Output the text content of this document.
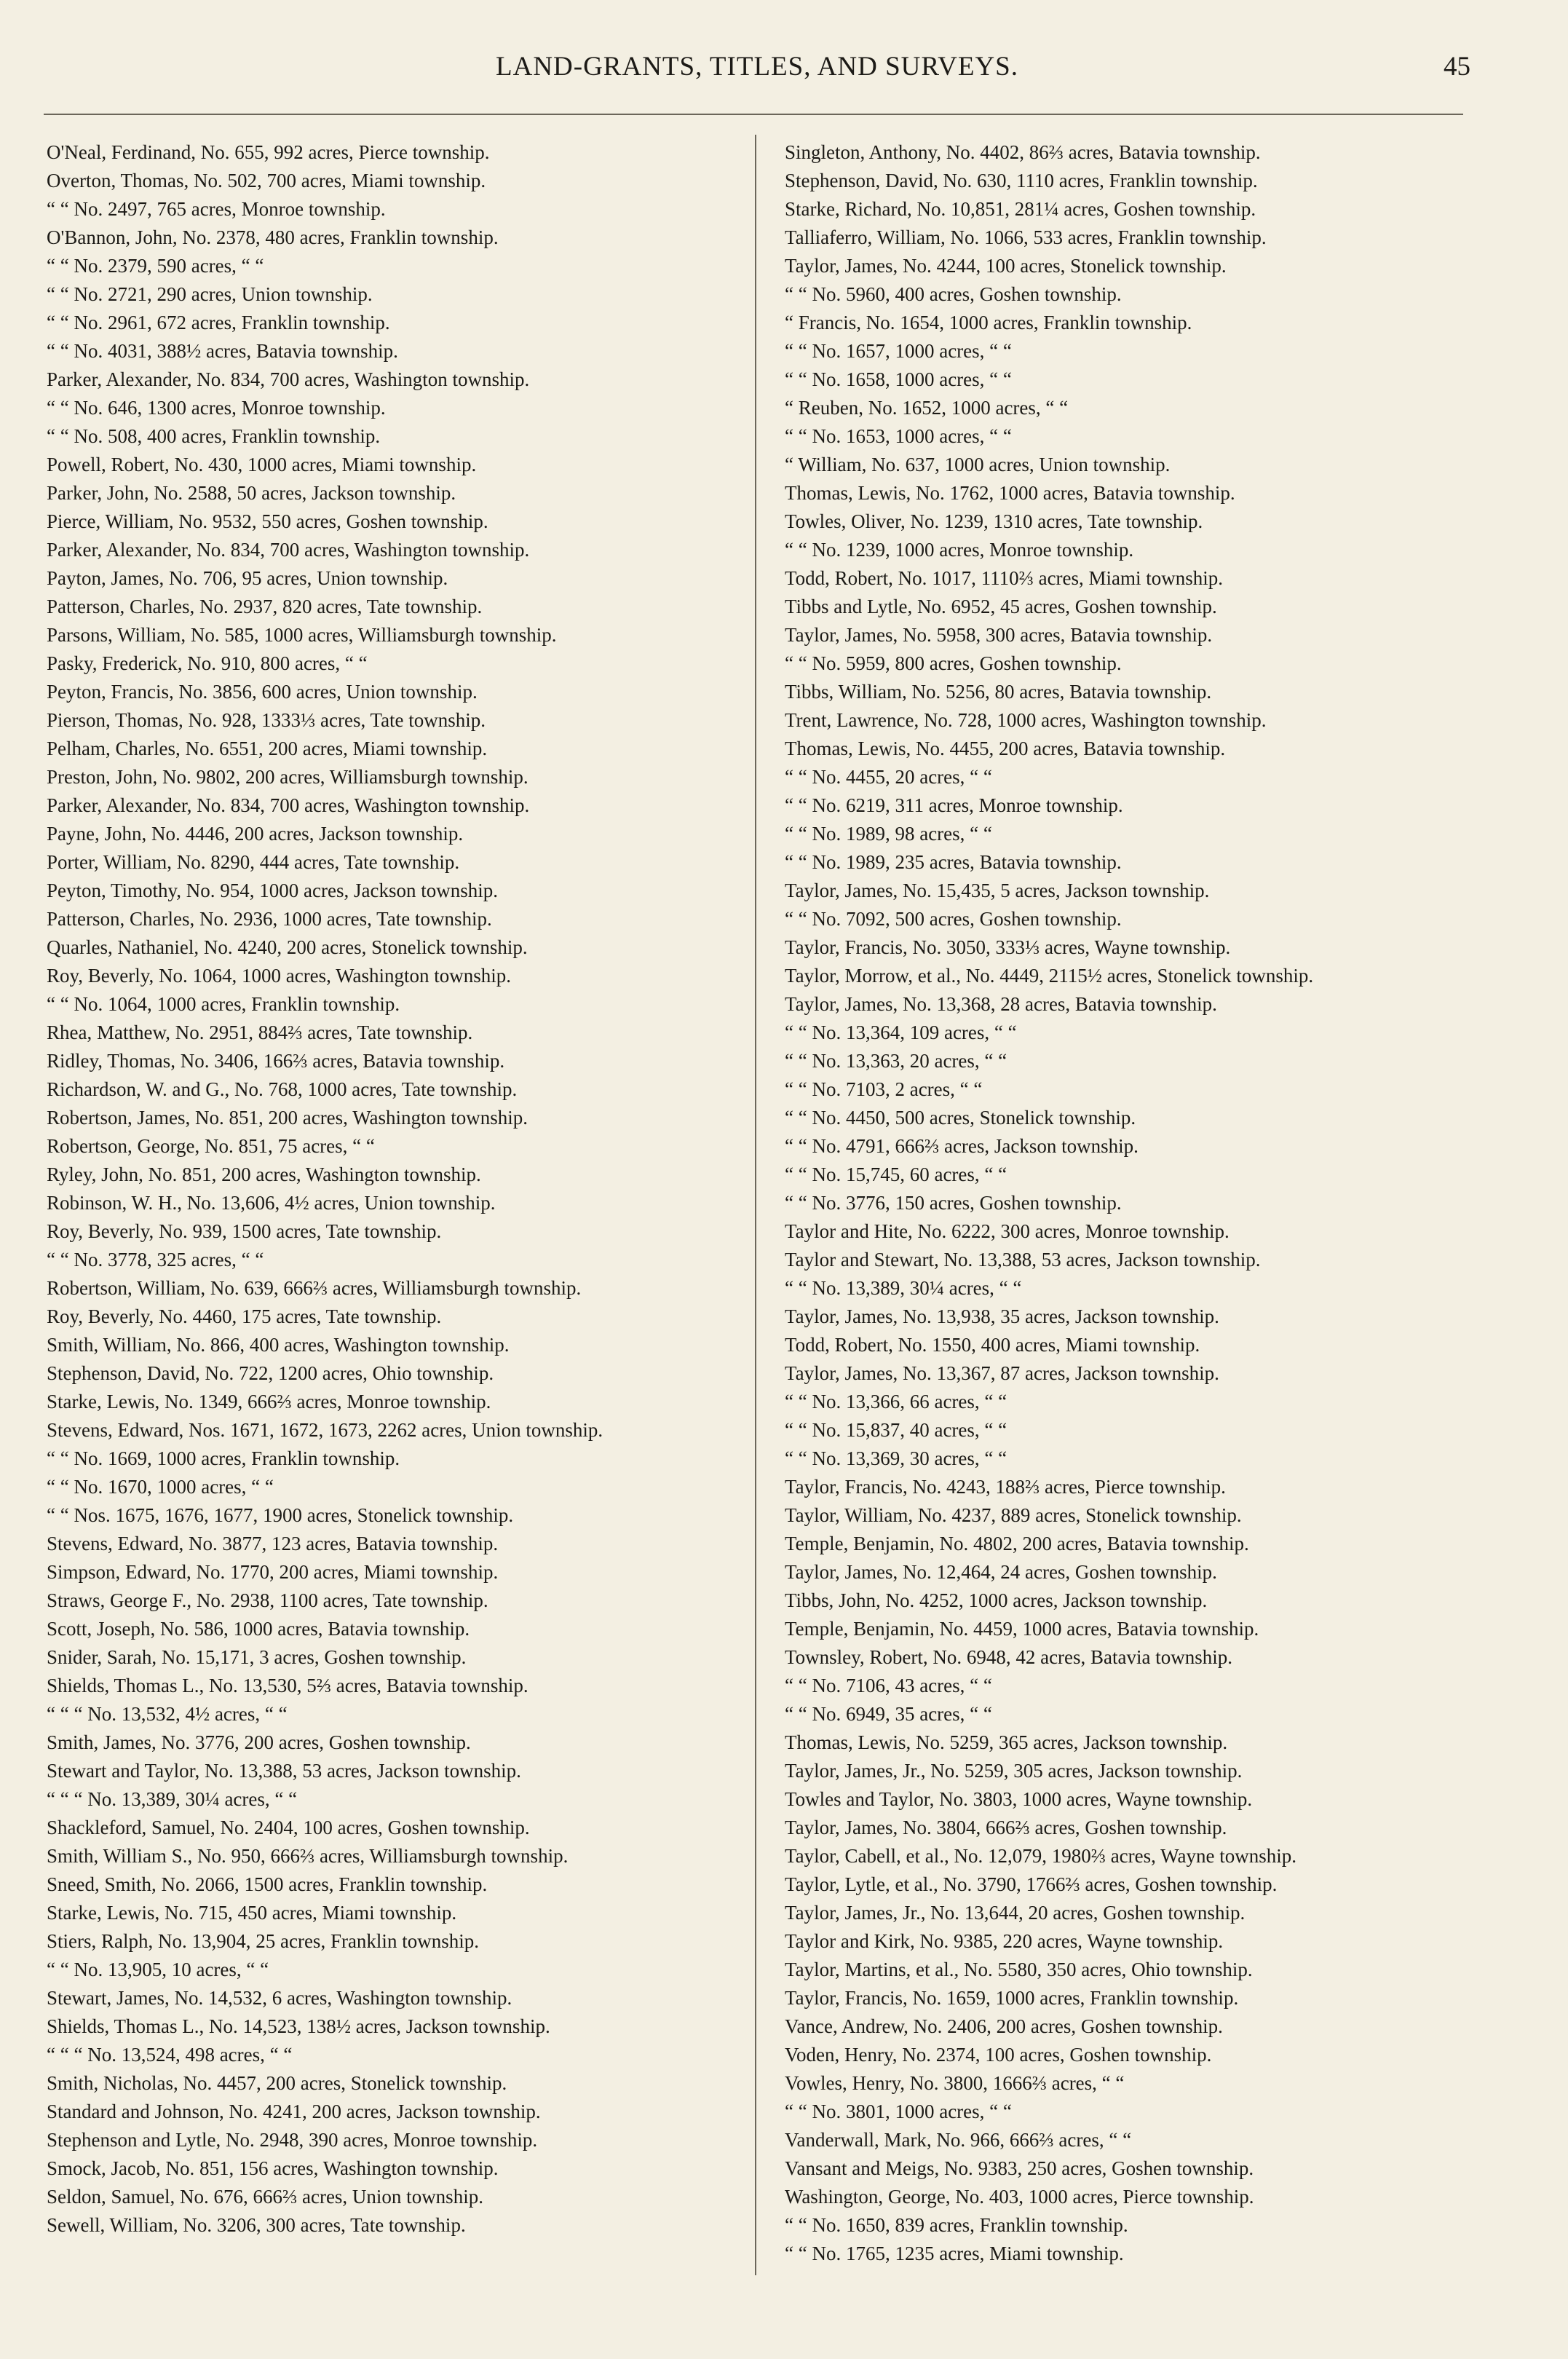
LAND-GRANTS, TITLES, AND SURVEYS.	45
O'Neal, Ferdinand, No. 655, 992 acres, Pierce township.
Overton, Thomas, No. 502, 700 acres, Miami township.
“ “ No. 2497, 765 acres, Monroe township.
O'Bannon, John, No. 2378, 480 acres, Franklin township.
“ “ No. 2379, 590 acres, “ “
“ “ No. 2721, 290 acres, Union township.
“ “ No. 2961, 672 acres, Franklin township.
“ “ No. 4031, 388½ acres, Batavia township.
Parker, Alexander, No. 834, 700 acres, Washington township.
“ “ No. 646, 1300 acres, Monroe township.
“ “ No. 508, 400 acres, Franklin township.
Powell, Robert, No. 430, 1000 acres, Miami township.
Parker, John, No. 2588, 50 acres, Jackson township.
Pierce, William, No. 9532, 550 acres, Goshen township.
Parker, Alexander, No. 834, 700 acres, Washington township.
Payton, James, No. 706, 95 acres, Union township.
Patterson, Charles, No. 2937, 820 acres, Tate township.
Parsons, William, No. 585, 1000 acres, Williamsburgh township.
Pasky, Frederick, No. 910, 800 acres, “ “
Peyton, Francis, No. 3856, 600 acres, Union township.
Pierson, Thomas, No. 928, 1333⅓ acres, Tate township.
Pelham, Charles, No. 6551, 200 acres, Miami township.
Preston, John, No. 9802, 200 acres, Williamsburgh township.
Parker, Alexander, No. 834, 700 acres, Washington township.
Payne, John, No. 4446, 200 acres, Jackson township.
Porter, William, No. 8290, 444 acres, Tate township.
Peyton, Timothy, No. 954, 1000 acres, Jackson township.
Patterson, Charles, No. 2936, 1000 acres, Tate township.
Quarles, Nathaniel, No. 4240, 200 acres, Stonelick township.
Roy, Beverly, No. 1064, 1000 acres, Washington township.
“ “ No. 1064, 1000 acres, Franklin township.
Rhea, Matthew, No. 2951, 884⅔ acres, Tate township.
Ridley, Thomas, No. 3406, 166⅔ acres, Batavia township.
Richardson, W. and G., No. 768, 1000 acres, Tate township.
Robertson, James, No. 851, 200 acres, Washington township.
Robertson, George, No. 851, 75 acres, “ “
Ryley, John, No. 851, 200 acres, Washington township.
Robinson, W. H., No. 13,606, 4½ acres, Union township.
Roy, Beverly, No. 939, 1500 acres, Tate township.
“ “ No. 3778, 325 acres, “ “
Robertson, William, No. 639, 666⅔ acres, Williamsburgh township.
Roy, Beverly, No. 4460, 175 acres, Tate township.
Smith, William, No. 866, 400 acres, Washington township.
Stephenson, David, No. 722, 1200 acres, Ohio township.
Starke, Lewis, No. 1349, 666⅔ acres, Monroe township.
Stevens, Edward, Nos. 1671, 1672, 1673, 2262 acres, Union township.
“ “ No. 1669, 1000 acres, Franklin township.
“ “ No. 1670, 1000 acres, “ “
“ “ Nos. 1675, 1676, 1677, 1900 acres, Stonelick township.
Stevens, Edward, No. 3877, 123 acres, Batavia township.
Simpson, Edward, No. 1770, 200 acres, Miami township.
Straws, George F., No. 2938, 1100 acres, Tate township.
Scott, Joseph, No. 586, 1000 acres, Batavia township.
Snider, Sarah, No. 15,171, 3 acres, Goshen township.
Shields, Thomas L., No. 13,530, 5⅔ acres, Batavia township.
“ “ “ No. 13,532, 4½ acres, “ “
Smith, James, No. 3776, 200 acres, Goshen township.
Stewart and Taylor, No. 13,388, 53 acres, Jackson township.
“ “ “ No. 13,389, 30¼ acres, “ “
Shackleford, Samuel, No. 2404, 100 acres, Goshen township.
Smith, William S., No. 950, 666⅔ acres, Williamsburgh township.
Sneed, Smith, No. 2066, 1500 acres, Franklin township.
Starke, Lewis, No. 715, 450 acres, Miami township.
Stiers, Ralph, No. 13,904, 25 acres, Franklin township.
“ “ No. 13,905, 10 acres, “ “
Stewart, James, No. 14,532, 6 acres, Washington township.
Shields, Thomas L., No. 14,523, 138½ acres, Jackson township.
“ “ “ No. 13,524, 498 acres, “ “
Smith, Nicholas, No. 4457, 200 acres, Stonelick township.
Standard and Johnson, No. 4241, 200 acres, Jackson township.
Stephenson and Lytle, No. 2948, 390 acres, Monroe township.
Smock, Jacob, No. 851, 156 acres, Washington township.
Seldon, Samuel, No. 676, 666⅔ acres, Union township.
Sewell, William, No. 3206, 300 acres, Tate township.
Singleton, Anthony, No. 4402, 86⅔ acres, Batavia township.
Stephenson, David, No. 630, 1110 acres, Franklin township.
Starke, Richard, No. 10,851, 281¼ acres, Goshen township.
Talliaferro, William, No. 1066, 533 acres, Franklin township.
Taylor, James, No. 4244, 100 acres, Stonelick township.
“ “ No. 5960, 400 acres, Goshen township.
“ Francis, No. 1654, 1000 acres, Franklin township.
“ “ No. 1657, 1000 acres, “ “
“ “ No. 1658, 1000 acres, “ “
“ Reuben, No. 1652, 1000 acres, “ “
“ “ No. 1653, 1000 acres, “ “
“ William, No. 637, 1000 acres, Union township.
Thomas, Lewis, No. 1762, 1000 acres, Batavia township.
Towles, Oliver, No. 1239, 1310 acres, Tate township.
“ “ No. 1239, 1000 acres, Monroe township.
Todd, Robert, No. 1017, 1110⅔ acres, Miami township.
Tibbs and Lytle, No. 6952, 45 acres, Goshen township.
Taylor, James, No. 5958, 300 acres, Batavia township.
“ “ No. 5959, 800 acres, Goshen township.
Tibbs, William, No. 5256, 80 acres, Batavia township.
Trent, Lawrence, No. 728, 1000 acres, Washington township.
Thomas, Lewis, No. 4455, 200 acres, Batavia township.
“ “ No. 4455, 20 acres, “ “
“ “ No. 6219, 311 acres, Monroe township.
“ “ No. 1989, 98 acres, “ “
“ “ No. 1989, 235 acres, Batavia township.
Taylor, James, No. 15,435, 5 acres, Jackson township.
“ “ No. 7092, 500 acres, Goshen township.
Taylor, Francis, No. 3050, 333⅓ acres, Wayne township.
Taylor, Morrow, et al., No. 4449, 2115½ acres, Stonelick township.
Taylor, James, No. 13,368, 28 acres, Batavia township.
“ “ No. 13,364, 109 acres, “ “
“ “ No. 13,363, 20 acres, “ “
“ “ No. 7103, 2 acres, “ “
“ “ No. 4450, 500 acres, Stonelick township.
“ “ No. 4791, 666⅔ acres, Jackson township.
“ “ No. 15,745, 60 acres, “ “
“ “ No. 3776, 150 acres, Goshen township.
Taylor and Hite, No. 6222, 300 acres, Monroe township.
Taylor and Stewart, No. 13,388, 53 acres, Jackson township.
“ “ No. 13,389, 30¼ acres, “ “
Taylor, James, No. 13,938, 35 acres, Jackson township.
Todd, Robert, No. 1550, 400 acres, Miami township.
Taylor, James, No. 13,367, 87 acres, Jackson township.
“ “ No. 13,366, 66 acres, “ “
“ “ No. 15,837, 40 acres, “ “
“ “ No. 13,369, 30 acres, “ “
Taylor, Francis, No. 4243, 188⅔ acres, Pierce township.
Taylor, William, No. 4237, 889 acres, Stonelick township.
Temple, Benjamin, No. 4802, 200 acres, Batavia township.
Taylor, James, No. 12,464, 24 acres, Goshen township.
Tibbs, John, No. 4252, 1000 acres, Jackson township.
Temple, Benjamin, No. 4459, 1000 acres, Batavia township.
Townsley, Robert, No. 6948, 42 acres, Batavia township.
“ “ No. 7106, 43 acres, “ “
“ “ No. 6949, 35 acres, “ “
Thomas, Lewis, No. 5259, 365 acres, Jackson township.
Taylor, James, Jr., No. 5259, 305 acres, Jackson township.
Towles and Taylor, No. 3803, 1000 acres, Wayne township.
Taylor, James, No. 3804, 666⅔ acres, Goshen township.
Taylor, Cabell, et al., No. 12,079, 1980⅔ acres, Wayne township.
Taylor, Lytle, et al., No. 3790, 1766⅔ acres, Goshen township.
Taylor, James, Jr., No. 13,644, 20 acres, Goshen township.
Taylor and Kirk, No. 9385, 220 acres, Wayne township.
Taylor, Martins, et al., No. 5580, 350 acres, Ohio township.
Taylor, Francis, No. 1659, 1000 acres, Franklin township.
Vance, Andrew, No. 2406, 200 acres, Goshen township.
Voden, Henry, No. 2374, 100 acres, Goshen township.
Vowles, Henry, No. 3800, 1666⅔ acres, “ “
“ “ No. 3801, 1000 acres, “ “
Vanderwall, Mark, No. 966, 666⅔ acres, “ “
Vansant and Meigs, No. 9383, 250 acres, Goshen township.
Washington, George, No. 403, 1000 acres, Pierce township.
“ “ No. 1650, 839 acres, Franklin township.
“ “ No. 1765, 1235 acres, Miami township.
